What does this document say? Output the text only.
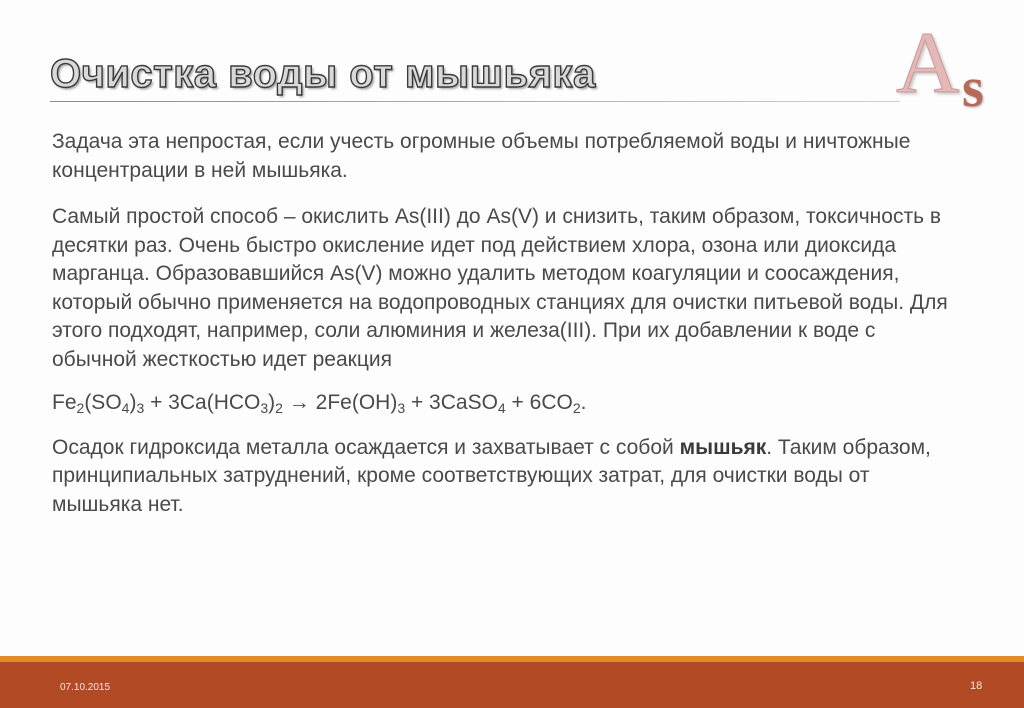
Очистка воды от мышьяка	A s

Задача эта непростая, если учесть огромные объемы потребляемой воды и ничтожные концентрации в ней мышьяка.

Самый простой способ – окислить As(III) до As(V) и снизить, таким образом, токсичность в десятки раз. Очень быстро окисление идет под действием хлора, озона или диоксида марганца. Образовавшийся As(V) можно удалить методом коагуляции и соосаждения, который обычно применяется на водопроводных станциях для очистки питьевой воды. Для этого подходят, например, соли алюминия и железа(III). При их добавлении к воде с обычной жесткостью идет реакция

$Fe_2(SO_4)_3 + 3Ca(HCO_3)_2 \to 2Fe(OH)_3$ + 3CaSO$_4$ + $6CO_2$.

Осадок гидроксида металла осаждается и захватывает с собой мышьяк. Таким образом, принципиальных затруднений, кроме соответствующих затрат, для очистки воды от мышьяка нет.

07.10.2015	18
